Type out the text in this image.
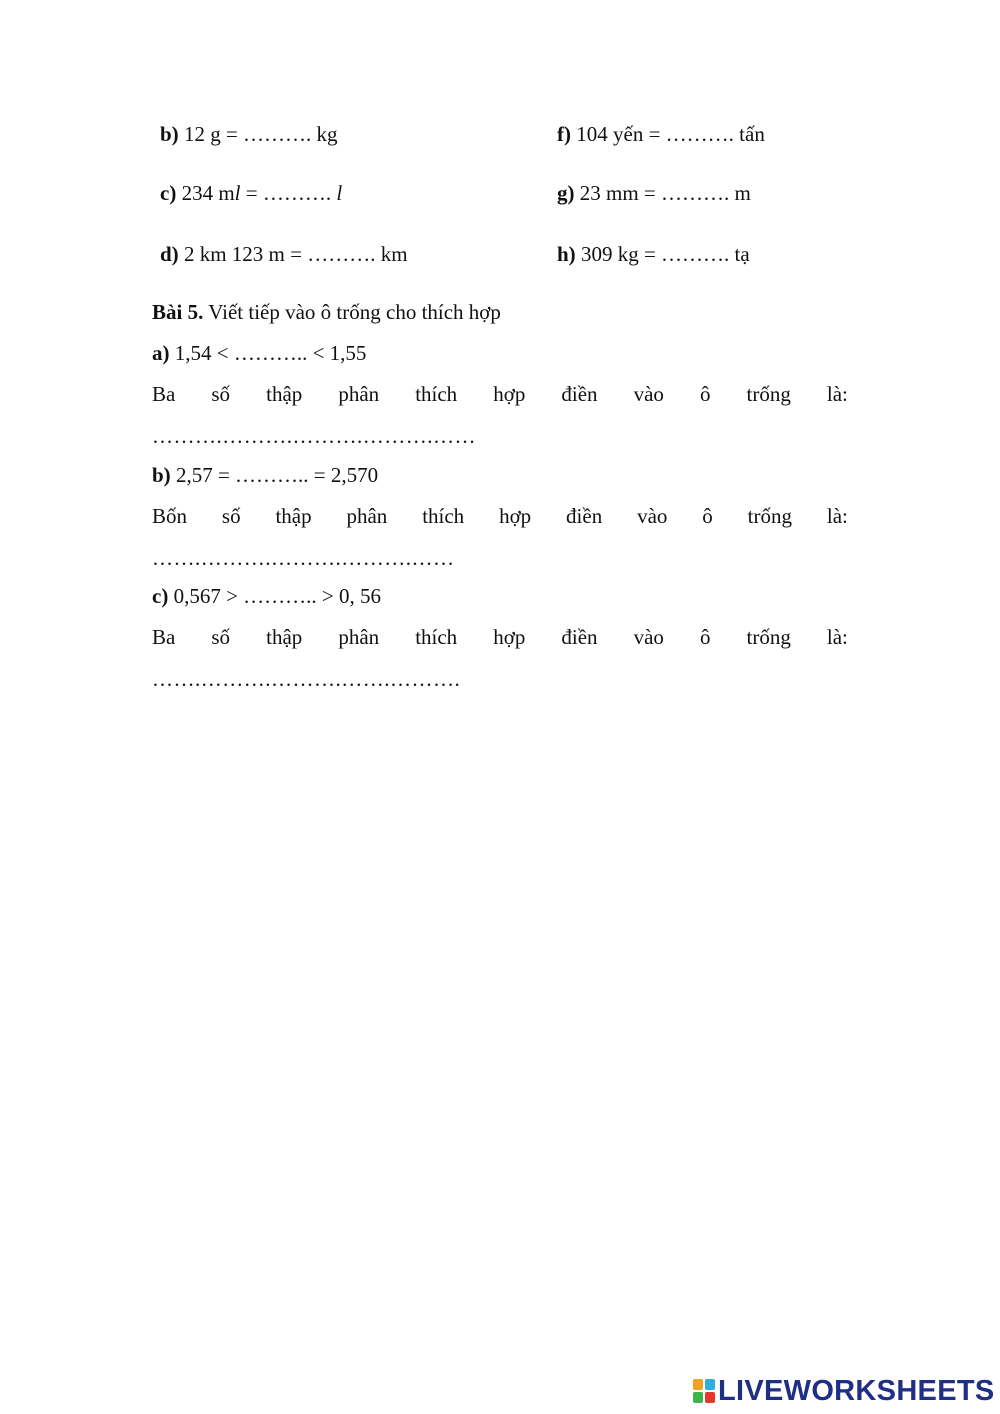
b) 12 g = ………. kg	f) 104 yến = ………. tấn
c) 234 ml = ………. l	g) 23 mm = ………. m
d) 2 km 123 m = ………. km	h) 309 kg = ………. tạ
Bài 5. Viết tiếp vào ô trống cho thích hợp
a) 1,54 < ……….. < 1,55
Ba số thập phân thích hợp điền vào ô trống là:
……….……….……….……….……
b) 2,57 = ……….. = 2,570
Bốn số thập phân thích hợp điền vào ô trống là:
…….……….……….……….……
c) 0,567 > ……….. > 0, 56
Ba số thập phân thích hợp điền vào ô trống là:
…….……….……….…….……….
LIVEWORKSHEETS
